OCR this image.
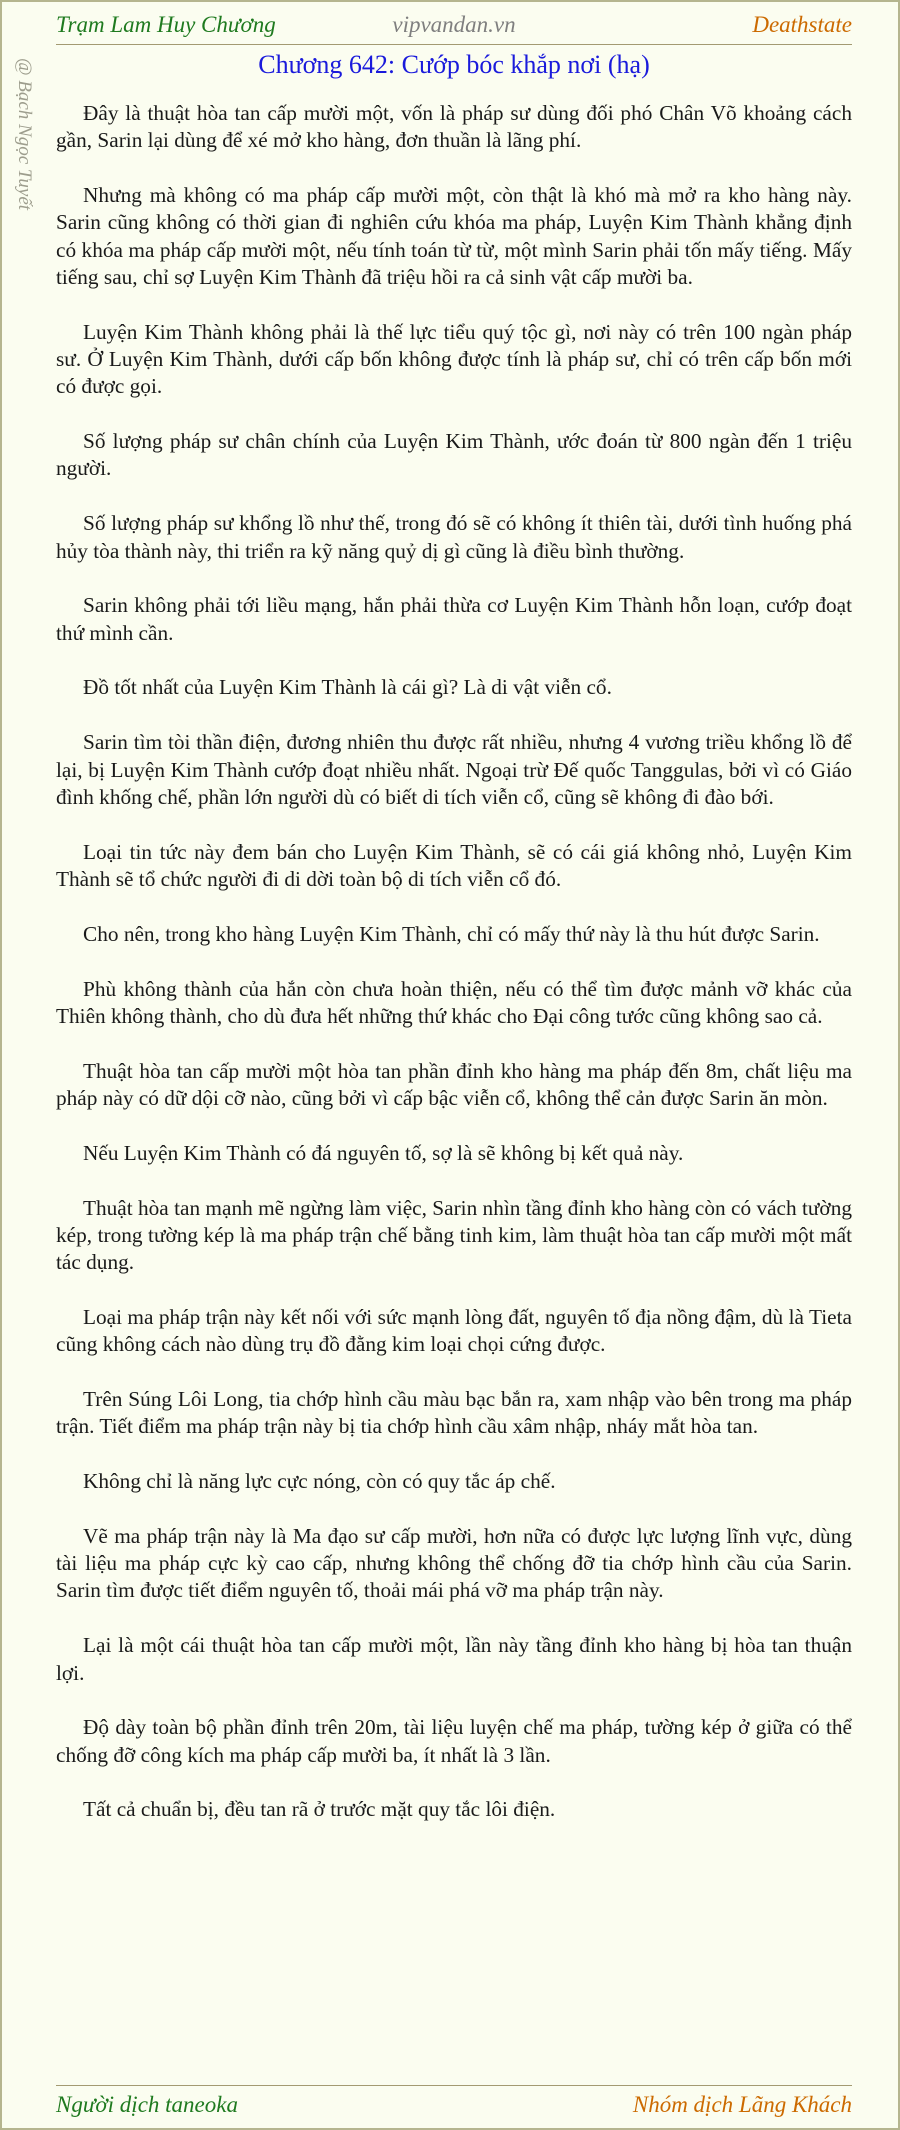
Trạm Lam Huy Chương	vipvandan.vn	Deathstate
@ Bạch Ngọc Tuyết	Chương 642: Cướp bóc khắp nơi (hạ)

Đây là thuật hòa tan cấp mười một, vốn là pháp sư dùng đối phó Chân Võ khoảng cách gần, Sarin lại dùng để xé mở kho hàng, đơn thuần là lãng phí.

Nhưng mà không có ma pháp cấp mười một, còn thật là khó mà mở ra kho hàng này. Sarin cũng không có thời gian đi nghiên cứu khóa ma pháp, Luyện Kim Thành khẳng định có khóa ma pháp cấp mười một, nếu tính toán từ từ, một mình Sarin phải tốn mấy tiếng. Mấy tiếng sau, chỉ sợ Luyện Kim Thành đã triệu hồi ra cả sinh vật cấp mười ba.

Luyện Kim Thành không phải là thế lực tiểu quý tộc gì, nơi này có trên 100 ngàn pháp sư. Ở Luyện Kim Thành, dưới cấp bốn không được tính là pháp sư, chỉ có trên cấp bốn mới có được gọi.

Số lượng pháp sư chân chính của Luyện Kim Thành, ước đoán từ 800 ngàn đến 1 triệu người.

Số lượng pháp sư khổng lồ như thế, trong đó sẽ có không ít thiên tài, dưới tình huống phá hủy tòa thành này, thi triển ra kỹ năng quỷ dị gì cũng là điều bình thường.

Sarin không phải tới liều mạng, hắn phải thừa cơ Luyện Kim Thành hỗn loạn, cướp đoạt thứ mình cần.

Đồ tốt nhất của Luyện Kim Thành là cái gì? Là di vật viễn cổ.

Sarin tìm tòi thần điện, đương nhiên thu được rất nhiều, nhưng 4 vương triều khổng lồ để lại, bị Luyện Kim Thành cướp đoạt nhiều nhất. Ngoại trừ Đế quốc Tanggulas, bởi vì có Giáo đình khống chế, phần lớn người dù có biết di tích viễn cổ, cũng sẽ không đi đào bới.

Loại tin tức này đem bán cho Luyện Kim Thành, sẽ có cái giá không nhỏ, Luyện Kim Thành sẽ tổ chức người đi di dời toàn bộ di tích viễn cổ đó.

Cho nên, trong kho hàng Luyện Kim Thành, chỉ có mấy thứ này là thu hút được Sarin.

Phù không thành của hắn còn chưa hoàn thiện, nếu có thể tìm được mảnh vỡ khác của Thiên không thành, cho dù đưa hết những thứ khác cho Đại công tước cũng không sao cả.

Thuật hòa tan cấp mười một hòa tan phần đỉnh kho hàng ma pháp đến 8m, chất liệu ma pháp này có dữ dội cỡ nào, cũng bởi vì cấp bậc viễn cổ, không thể cản được Sarin ăn mòn.

Nếu Luyện Kim Thành có đá nguyên tố, sợ là sẽ không bị kết quả này.

Thuật hòa tan mạnh mẽ ngừng làm việc, Sarin nhìn tầng đỉnh kho hàng còn có vách tường kép, trong tường kép là ma pháp trận chế bằng tinh kim, làm thuật hòa tan cấp mười một mất tác dụng.

Loại ma pháp trận này kết nối với sức mạnh lòng đất, nguyên tố địa nồng đậm, dù là Tieta cũng không cách nào dùng trụ đồ đằng kim loại chọi cứng được.

Trên Súng Lôi Long, tia chớp hình cầu màu bạc bắn ra, xam nhập vào bên trong ma pháp trận. Tiết điểm ma pháp trận này bị tia chớp hình cầu xâm nhập, nháy mắt hòa tan.

Không chỉ là năng lực cực nóng, còn có quy tắc áp chế.

Vẽ ma pháp trận này là Ma đạo sư cấp mười, hơn nữa có được lực lượng lĩnh vực, dùng tài liệu ma pháp cực kỳ cao cấp, nhưng không thể chống đỡ tia chớp hình cầu của Sarin. Sarin tìm được tiết điểm nguyên tố, thoải mái phá vỡ ma pháp trận này.

Lại là một cái thuật hòa tan cấp mười một, lần này tầng đỉnh kho hàng bị hòa tan thuận lợi.

Độ dày toàn bộ phần đỉnh trên 20m, tài liệu luyện chế ma pháp, tường kép ở giữa có thể chống đỡ công kích ma pháp cấp mười ba, ít nhất là 3 lần.

Tất cả chuẩn bị, đều tan rã ở trước mặt quy tắc lôi điện.

Người dịch taneoka	Nhóm dịch Lãng Khách
